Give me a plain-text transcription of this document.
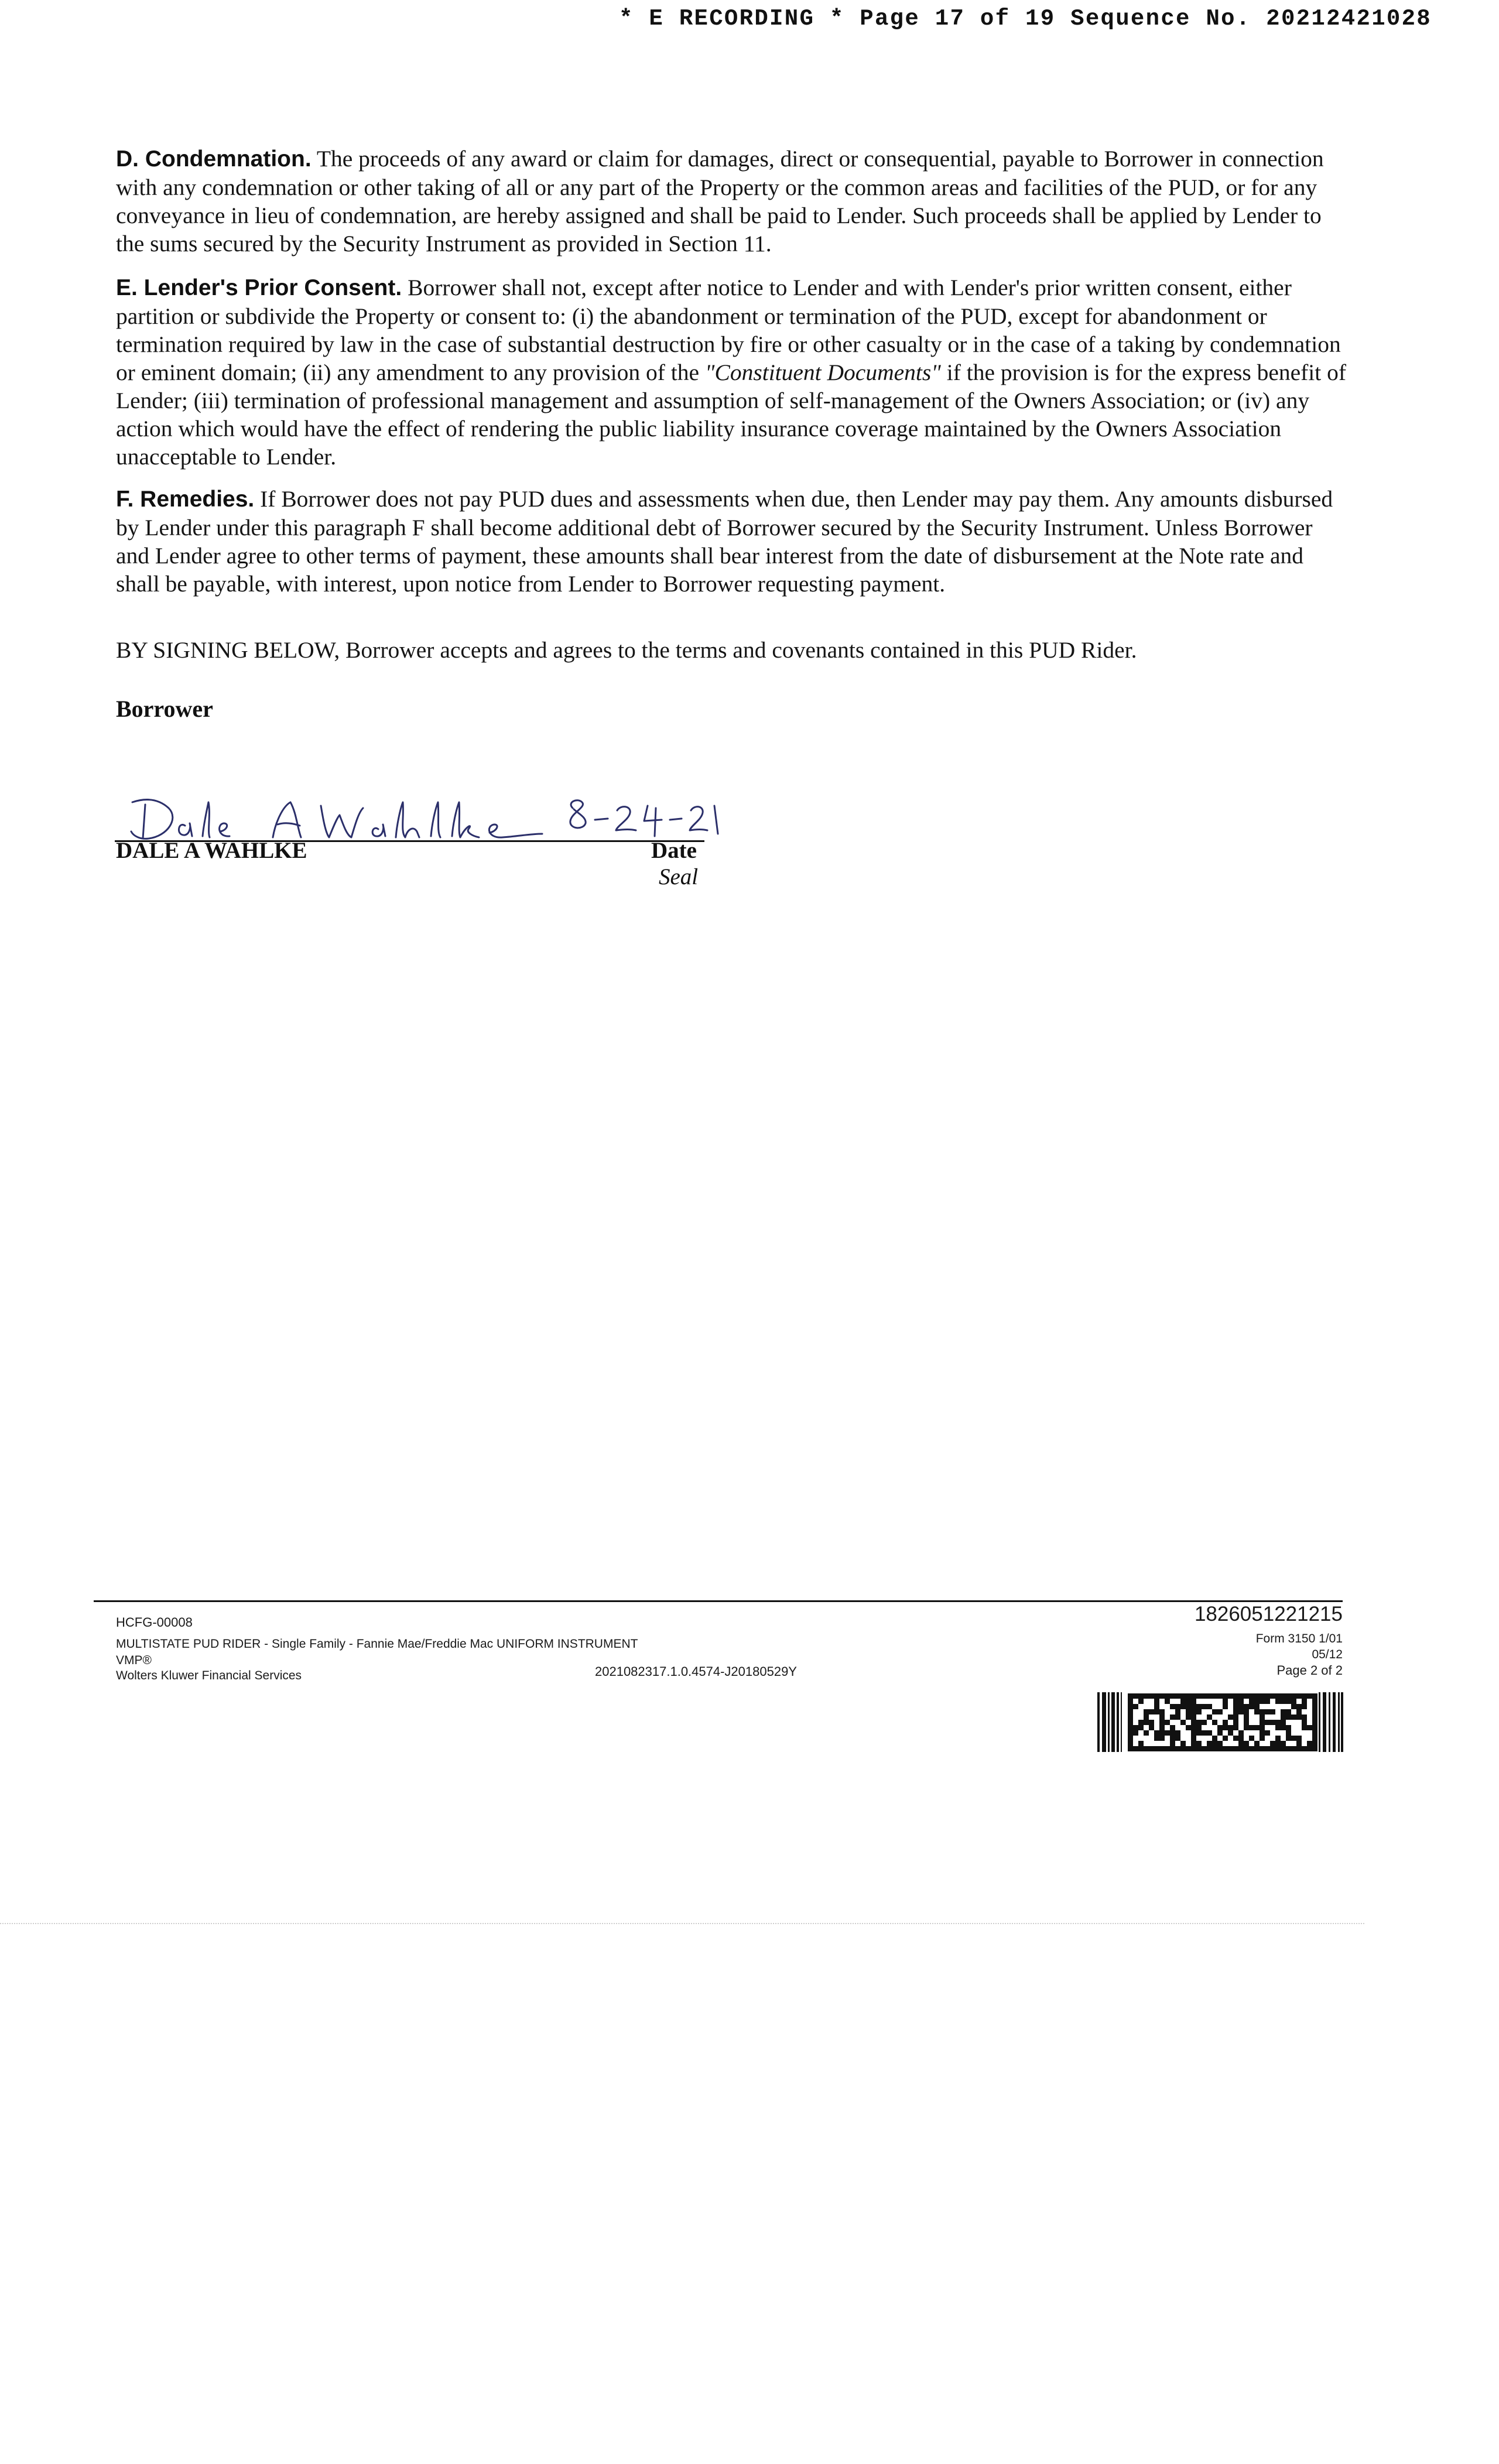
* E RECORDING * Page 17 of 19 Sequence No. 20212421028
D. Condemnation. The proceeds of any award or claim for damages, direct or consequential, payable to Borrower in connection with any condemnation or other taking of all or any part of the Property or the common areas and facilities of the PUD, or for any conveyance in lieu of condemnation, are hereby assigned and shall be paid to Lender. Such proceeds shall be applied by Lender to the sums secured by the Security Instrument as provided in Section 11.
E. Lender's Prior Consent. Borrower shall not, except after notice to Lender and with Lender's prior written consent, either partition or subdivide the Property or consent to: (i) the abandonment or termination of the PUD, except for abandonment or termination required by law in the case of substantial destruction by fire or other casualty or in the case of a taking by condemnation or eminent domain; (ii) any amendment to any provision of the "Constituent Documents" if the provision is for the express benefit of Lender; (iii) termination of professional management and assumption of self-management of the Owners Association; or (iv) any action which would have the effect of rendering the public liability insurance coverage maintained by the Owners Association unacceptable to Lender.
F. Remedies. If Borrower does not pay PUD dues and assessments when due, then Lender may pay them. Any amounts disbursed by Lender under this paragraph F shall become additional debt of Borrower secured by the Security Instrument. Unless Borrower and Lender agree to other terms of payment, these amounts shall bear interest from the date of disbursement at the Note rate and shall be payable, with interest, upon notice from Lender to Borrower requesting payment.
BY SIGNING BELOW, Borrower accepts and agrees to the terms and covenants contained in this PUD Rider.
Borrower
DALE A WAHLKE	Date
Seal
HCFG-00008
MULTISTATE PUD RIDER - Single Family - Fannie Mae/Freddie Mac UNIFORM INSTRUMENT
VMP®
Wolters Kluwer Financial Services	2021082317.1.0.4574-J20180529Y
1826051221215
Form 3150 1/01
05/12
Page 2 of 2
